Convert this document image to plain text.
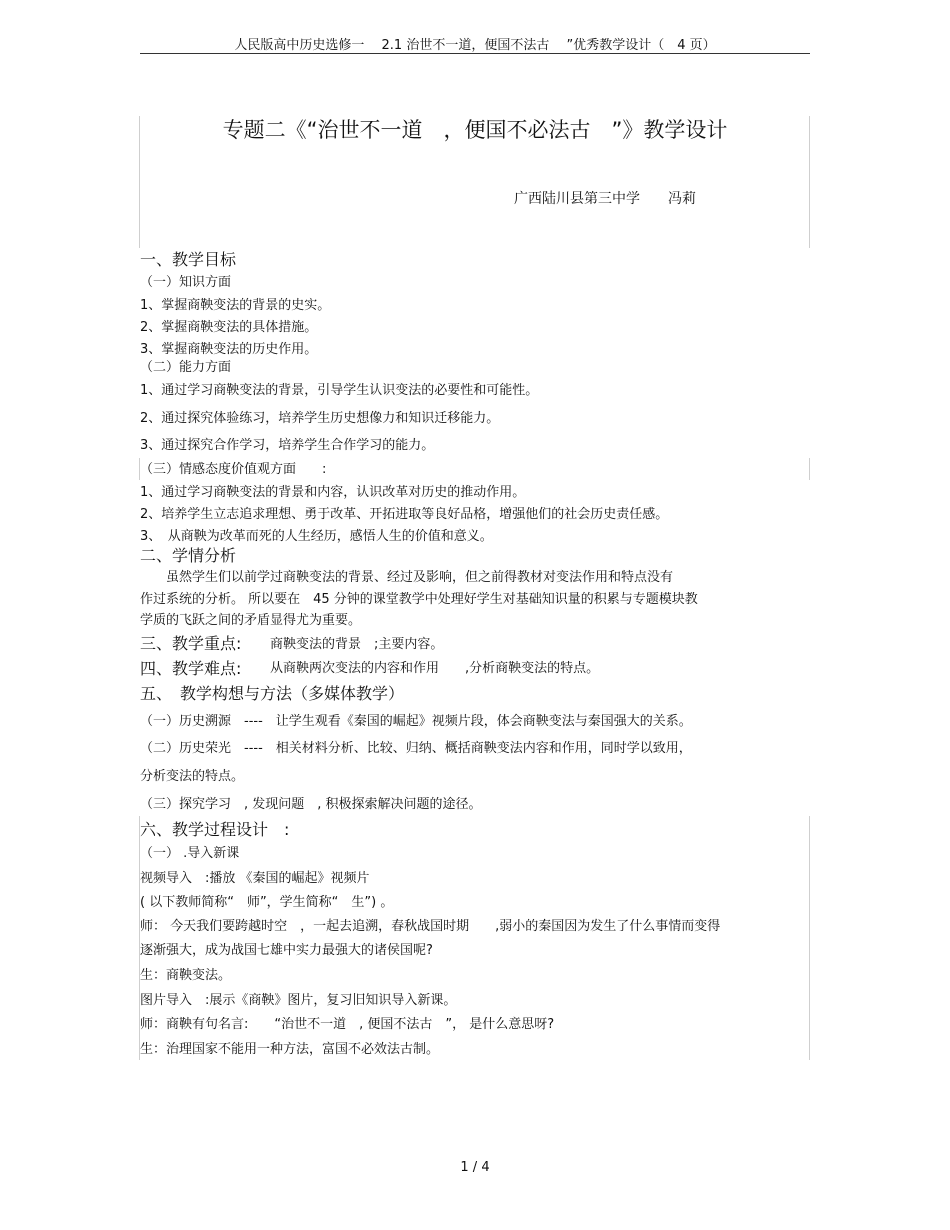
人民版高中历史选修一　 2.1 治世不一道，便国不法古　 ”优秀教学设计（　4 页）
专题二《“治世不一道　，便国不必法古　”》教学设计
广西陆川县第三中学　　冯莉
一、教学目标
（一）知识方面
1、掌握商鞅变法的背景的史实。
2、掌握商鞅变法的具体措施。
3、掌握商鞅变法的历史作用。
（二）能力方面
1、通过学习商鞅变法的背景，引导学生认识变法的必要性和可能性。
2、通过探究体验练习，培养学生历史想像力和知识迁移能力。
3、通过探究合作学习，培养学生合作学习的能力。
（三）情感态度价值观方面　　:
1、通过学习商鞅变法的背景和内容，认识改革对历史的推动作用。
2、培养学生立志追求理想、勇于改革、开拓进取等良好品格，增强他们的社会历史责任感。
3、　从商鞅为改革而死的人生经历，感悟人生的价值和意义。
二、学情分析
　　虽然学生们以前学过商鞅变法的背景、经过及影响，但之前得教材对变法作用和特点没有
作过系统的分析。 所以要在　45 分钟的课堂教学中处理好学生对基础知识量的积累与专题模块教
学质的飞跃之间的矛盾显得尤为重要。
三、教学重点: 商鞅变法的背景　;主要内容。
四、教学难点: 从商鞅两次变法的内容和作用　　,分析商鞅变法的特点。
五、　教学构想与方法（多媒体教学）
（一）历史溯源　----　让学生观看《秦国的崛起》视频片段，体会商鞅变法与秦国强大的关系。
（二）历史荣光　----　相关材料分析、比较、归纳、概括商鞅变法内容和作用，同时学以致用，
分析变法的特点。
（三）探究学习　, 发现问题　, 积极探索解决问题的途径。
六、教学过程设计　:
（一） .导入新课
视频导入　:播放 《秦国的崛起》视频片
( 以下教师简称“　师”，学生简称“　生”) 。
师： 今天我们要跨越时空　，一起去追溯，春秋战国时期　　,弱小的秦国因为发生了什么事情而变得
逐渐强大，成为战国七雄中实力最强大的诸侯国呢?
生：商鞅变法。
图片导入　:展示《商鞅》图片，复习旧知识导入新课。
师：商鞅有句名言:　　“治世不一道　, 便国不法古　”， 是什么意思呀?
生：治理国家不能用一种方法，富国不必效法古制。
1 / 4
